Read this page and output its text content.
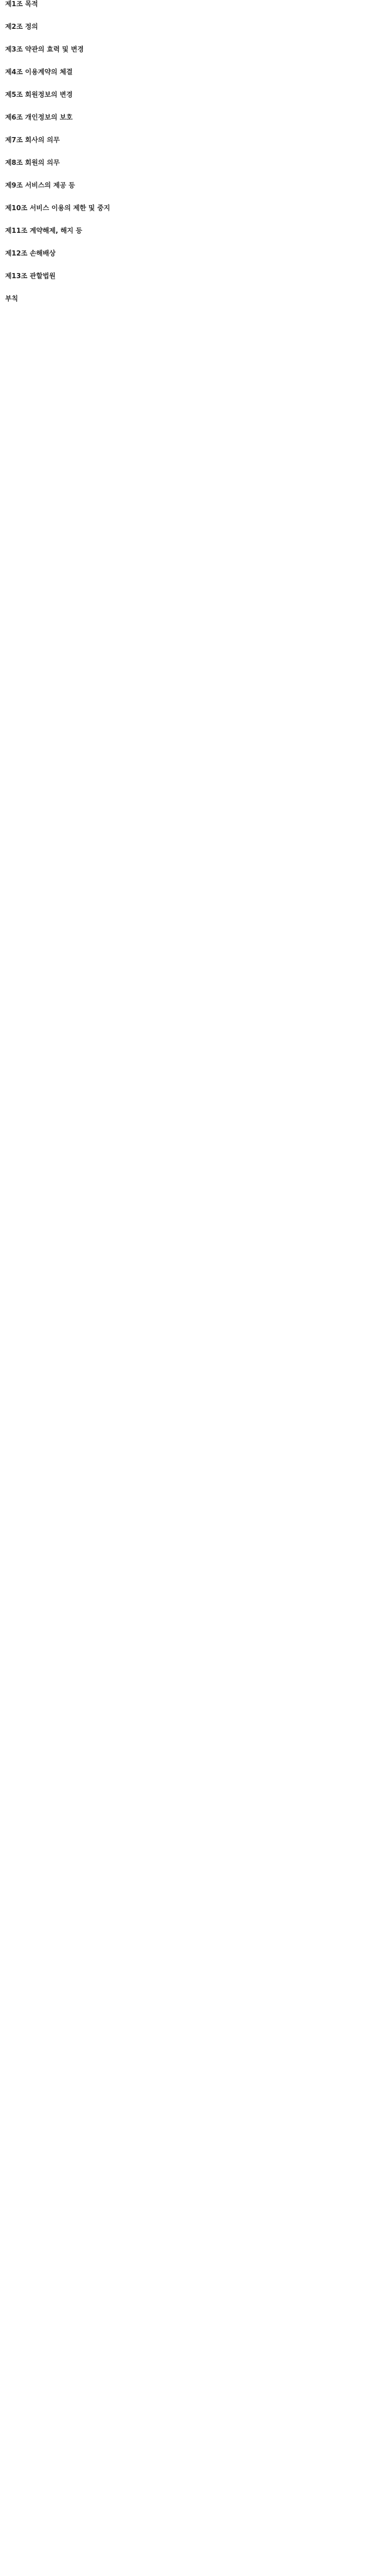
제1조 목적

제2조 정의

제3조 약관의 효력 및 변경

제4조 이용계약의 체결

제5조 회원정보의 변경

제6조 개인정보의 보호

제7조 회사의 의무

제8조 회원의 의무

제9조 서비스의 제공 등

제10조 서비스 이용의 제한 및 중지

제11조 계약해제, 해지 등

제12조 손해배상

제13조 관할법원

부칙
